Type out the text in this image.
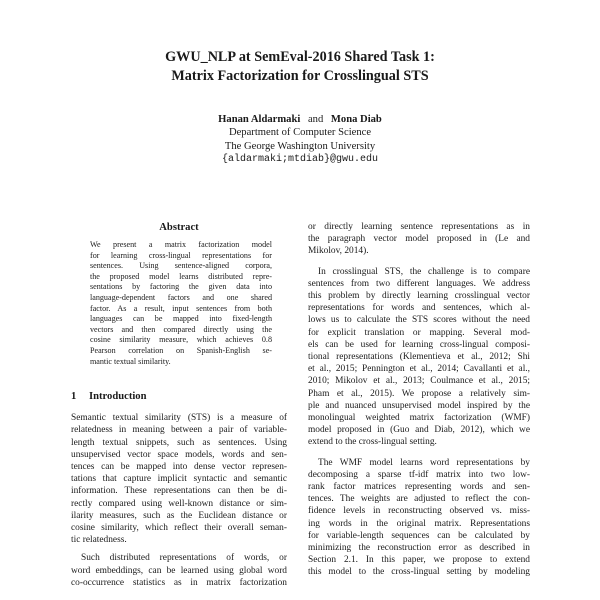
GWU_NLP at SemEval-2016 Shared Task 1:
Matrix Factorization for Crosslingual STS
Hanan Aldarmaki and Mona Diab
Department of Computer Science
The George Washington University
{aldarmaki;mtdiab}@gwu.edu
Abstract
We present a matrix factorization model
for learning cross-lingual representations for
sentences. Using sentence-aligned corpora,
the proposed model learns distributed repre-
sentations by factoring the given data into
language-dependent factors and one shared
factor. As a result, input sentences from both
languages can be mapped into fixed-length
vectors and then compared directly using the
cosine similarity measure, which achieves 0.8
Pearson correlation on Spanish-English se-
mantic textual similarity.
1 Introduction
Semantic textual similarity (STS) is a measure of
relatedness in meaning between a pair of variable-
length textual snippets, such as sentences. Using
unsupervised vector space models, words and sen-
tences can be mapped into dense vector represen-
tations that capture implicit syntactic and semantic
information. These representations can then be di-
rectly compared using well-known distance or sim-
ilarity measures, such as the Euclidean distance or
cosine similarity, which reflect their overall seman-
tic relatedness.
Such distributed representations of words, or
word embeddings, can be learned using global word
co-occurrence statistics as in matrix factorization
or directly learning sentence representations as in
the paragraph vector model proposed in (Le and
Mikolov, 2014).
In crosslingual STS, the challenge is to compare
sentences from two different languages. We address
this problem by directly learning crosslingual vector
representations for words and sentences, which al-
lows us to calculate the STS scores without the need
for explicit translation or mapping. Several mod-
els can be used for learning cross-lingual composi-
tional representations (Klementieva et al., 2012; Shi
et al., 2015; Pennington et al., 2014; Cavallanti et al.,
2010; Mikolov et al., 2013; Coulmance et al., 2015;
Pham et al., 2015). We propose a relatively sim-
ple and nuanced unsupervised model inspired by the
monolingual weighted matrix factorization (WMF)
model proposed in (Guo and Diab, 2012), which we
extend to the cross-lingual setting.
The WMF model learns word representations by
decomposing a sparse tf-idf matrix into two low-
rank factor matrices representing words and sen-
tences. The weights are adjusted to reflect the con-
fidence levels in reconstructing observed vs. miss-
ing words in the original matrix. Representations
for variable-length sequences can be calculated by
minimizing the reconstruction error as described in
Section 2.1. In this paper, we propose to extend
this model to the cross-lingual setting by modeling
